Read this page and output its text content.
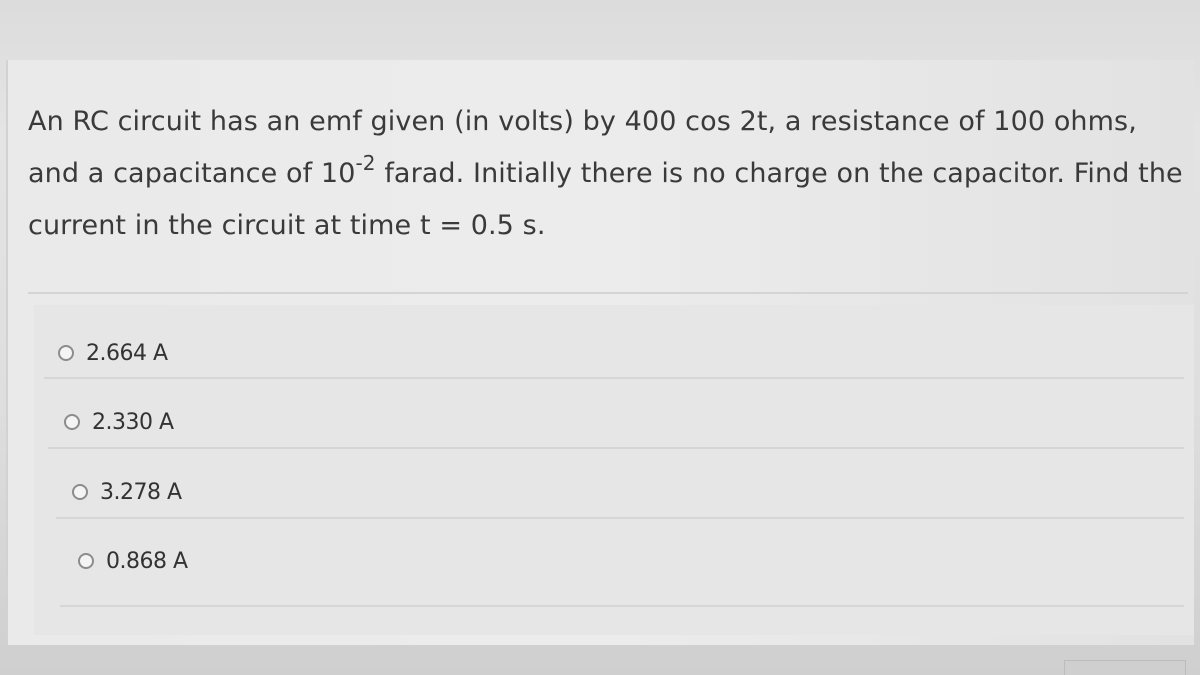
An RC circuit has an emf given (in volts) by 400 cos 2t, a resistance of 100 ohms,
and a capacitance of $10^{-2}$ farad. Initially there is no charge on the capacitor. Find the
current in the circuit at time t = 0.5 s.
2.664 A
2.330 A
3.278 A
0.868 A
